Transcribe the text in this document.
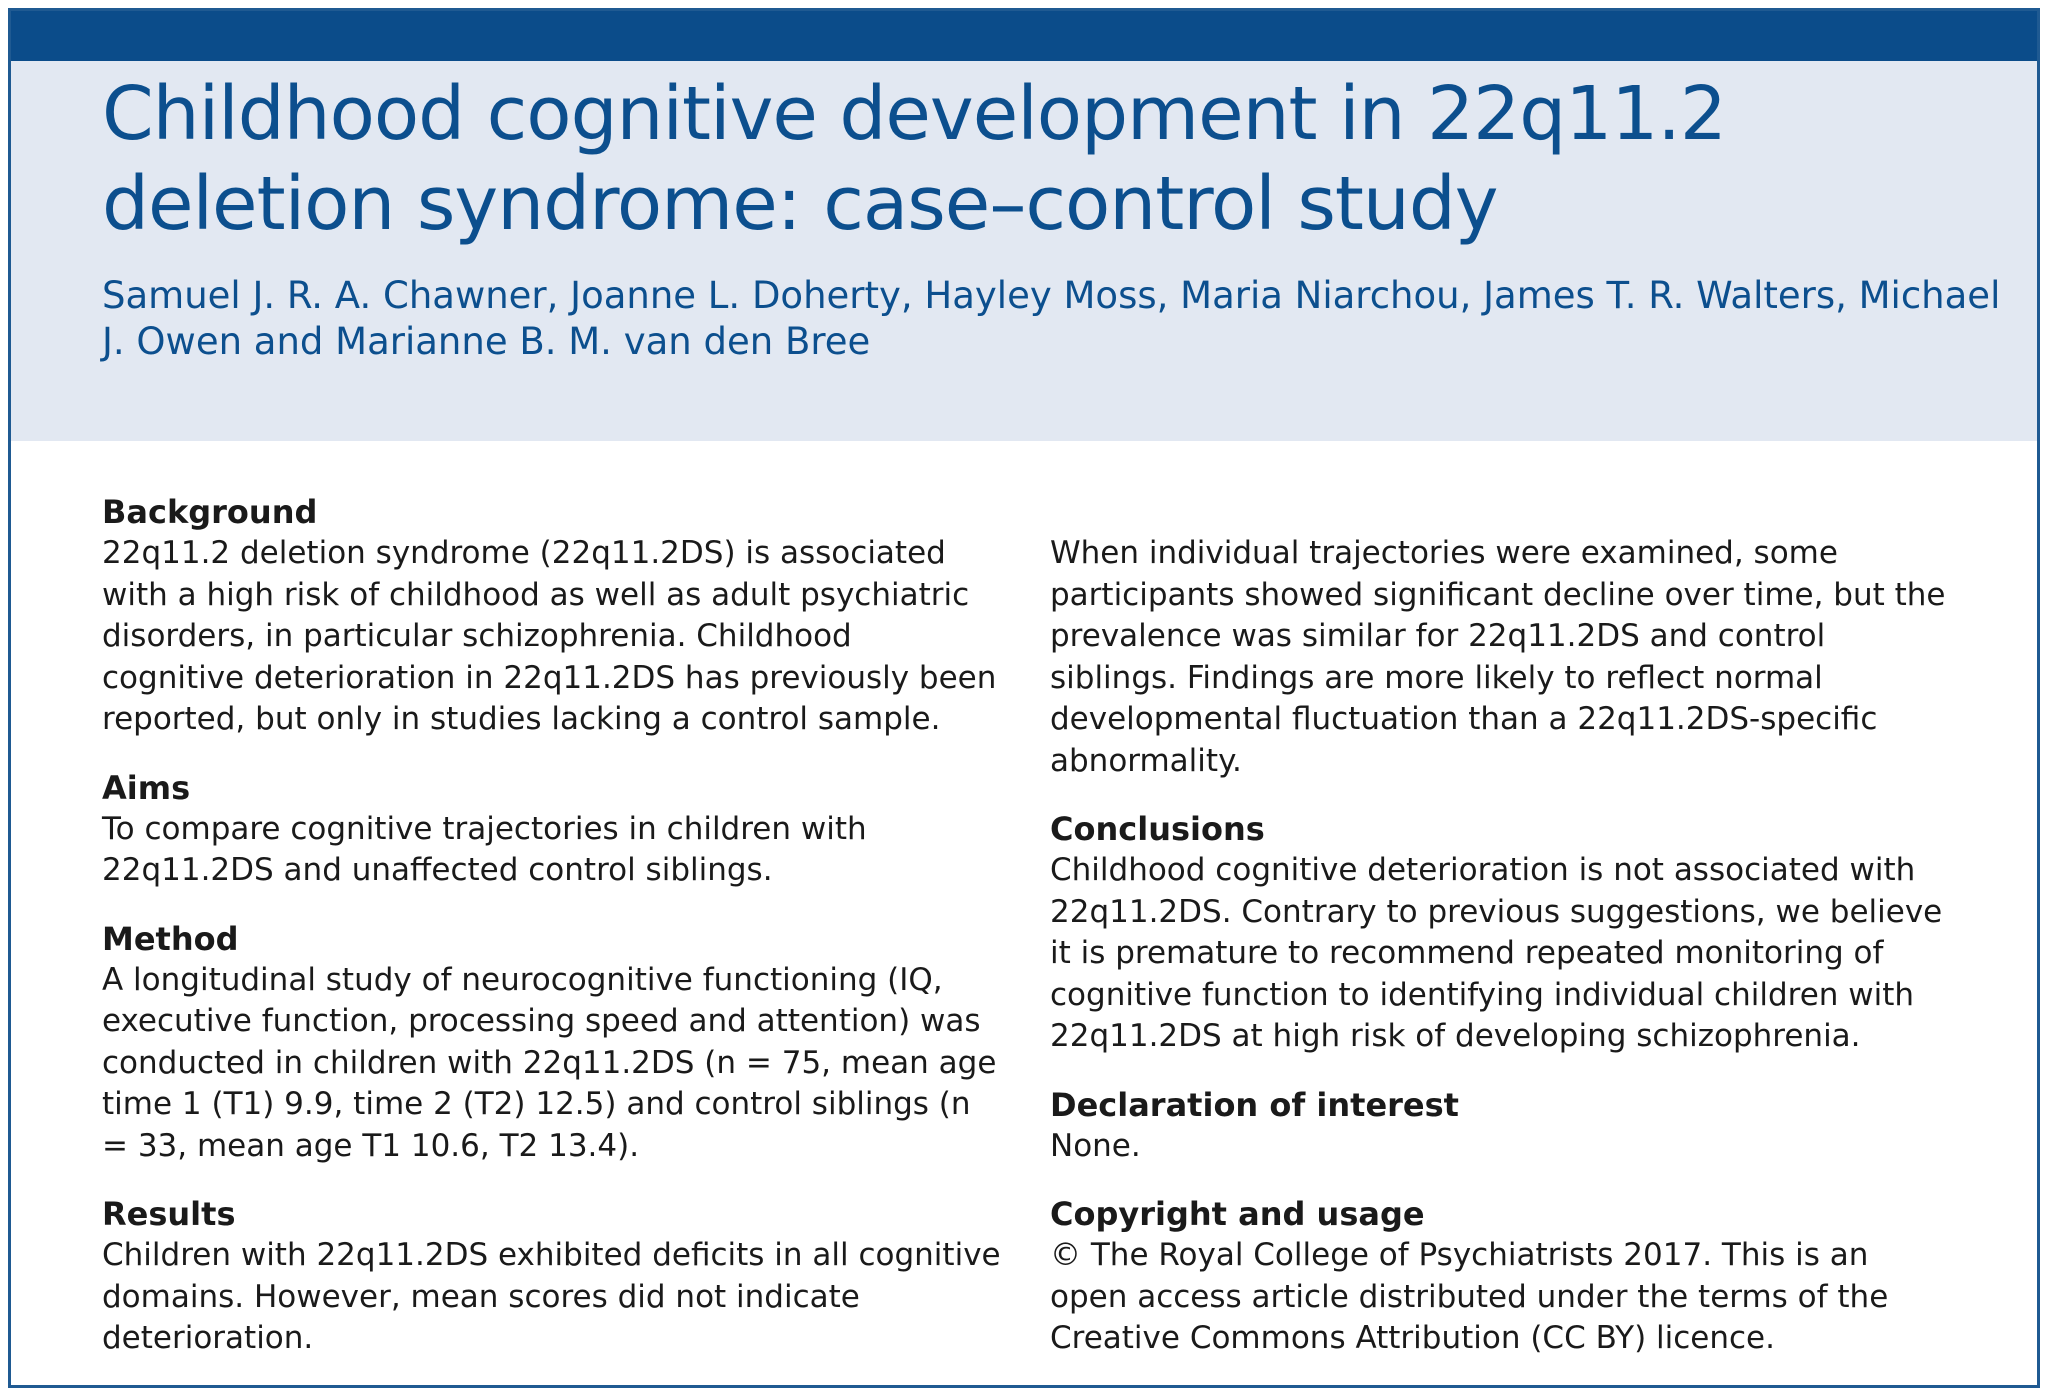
Childhood cognitive development in 22q11.2 deletion syndrome: case–control study

Samuel J. R. A. Chawner, Joanne L. Doherty, Hayley Moss, Maria Niarchou, James T. R. Walters, Michael J. Owen and Marianne B. M. van den Bree

Background

22q11.2 deletion syndrome (22q11.2DS) is associated with a high risk of childhood as well as adult psychiatric disorders, in particular schizophrenia. Childhood cognitive deterioration in 22q11.2DS has previously been reported, but only in studies lacking a control sample.

Aims

To compare cognitive trajectories in children with 22q11.2DS and unaffected control siblings.

Method

A longitudinal study of neurocognitive functioning (IQ, executive function, processing speed and attention) was conducted in children with 22q11.2DS (n = 75, mean age time 1 (T1) 9.9, time 2 (T2) 12.5) and control siblings (n = 33, mean age T1 10.6, T2 13.4).

Results

Children with 22q11.2DS exhibited deficits in all cognitive domains. However, mean scores did not indicate deterioration.

When individual trajectories were examined, some participants showed significant decline over time, but the prevalence was similar for 22q11.2DS and control siblings. Findings are more likely to reflect normal developmental fluctuation than a 22q11.2DS-specific abnormality.

Conclusions

Childhood cognitive deterioration is not associated with 22q11.2DS. Contrary to previous suggestions, we believe it is premature to recommend repeated monitoring of cognitive function to identifying individual children with 22q11.2DS at high risk of developing schizophrenia.

Declaration of interest

None.

Copyright and usage

© The Royal College of Psychiatrists 2017. This is an open access article distributed under the terms of the Creative Commons Attribution (CC BY) licence.
